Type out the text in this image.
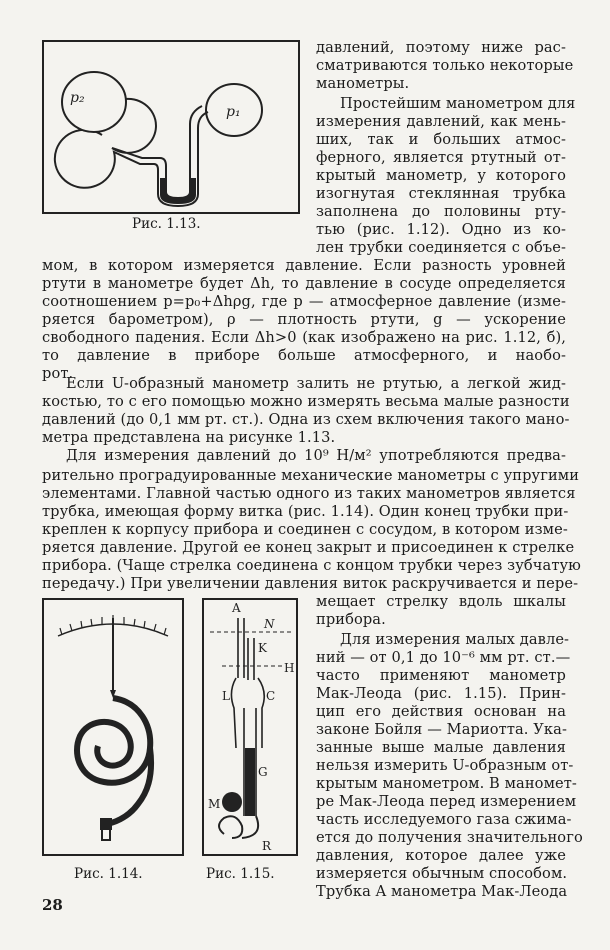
p₂
p₁
Рис. 1.13.
давлений, поэтому ниже рас-
сматриваются только некоторые
манометры.
Простейшим манометром для
измерения давлений, как мень-
ших, так и больших атмос-
ферного, является ртутный от-
крытый манометр, у которого
изогнутая стеклянная трубка
заполнена до половины рту-
тью (рис. 1.12). Одно из ко-
лен трубки соединяется с объе-
мом, в котором измеряется давление. Если разность уровней
ртути в манометре будет Δh, то давление в сосуде определяется
соотношением p=p₀+Δhρg, где p — атмосферное давление (изме-
ряется барометром), ρ — плотность ртути, g — ускорение
свободного падения. Если Δh>0 (как изображено на рис. 1.12, б),
то давление в приборе больше атмосферного, и наобо-
рот.
Если U-образный манометр залить не ртутью, а легкой жид-
костью, то с его помощью можно измерять весьма малые разности
давлений (до 0,1 мм рт. ст.). Одна из схем включения такого мано-
метра представлена на рисунке 1.13.
Для измерения давлений до 10⁹ Н/м² употребляются предва-
рительно проградуированные механические манометры с упругими
элементами. Главной частью одного из таких манометров является
трубка, имеющая форму витка (рис. 1.14). Один конец трубки при-
креплен к корпусу прибора и соединен с сосудом, в котором изме-
ряется давление. Другой ее конец закрыт и присоединен к стрелке
прибора. (Чаще стрелка соединена с концом трубки через зубчатую
передачу.) При увеличении давления виток раскручивается и пере-
Рис. 1.14.
A
N
K
H
L	C
G
M
R
Рис. 1.15.
мещает стрелку вдоль шкалы
прибора.
Для измерения малых давле-
ний — от 0,1 до 10⁻⁶ мм рт. ст.—
часто применяют манометр
Мак-Леода (рис. 1.15). Прин-
цип его действия основан на
законе Бойля — Мариотта. Ука-
занные выше малые давления
нельзя измерить U-образным от-
крытым манометром. В маномет-
ре Мак-Леода перед измерением
часть исследуемого газа сжима-
ется до получения значительного
давления, которое далее уже
измеряется обычным способом.
Трубка A манометра Мак-Леода
28
